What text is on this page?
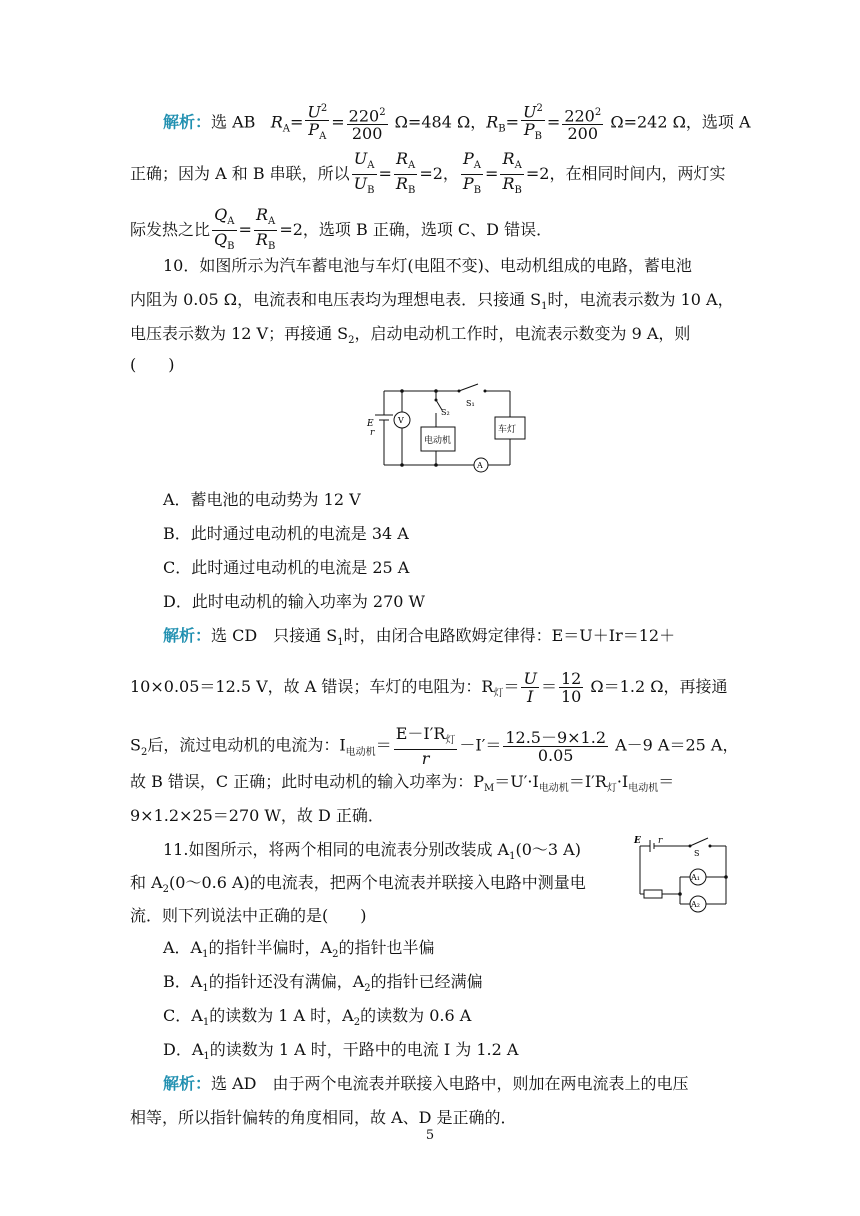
解析：选 AB $R_A= \frac{U^2}{P_A} = \frac{220^2}{200} \Omega=484$ Ω，$R_B= \frac{U^2}{P_B} = \frac{220^2}{200} \Omega=242$ Ω，选项 A
正确；因为 A 和 B 串联，所以 $\frac{U_A}{U_B} = \frac{R_A}{R_B} =2$， $\frac{P_A}{P_B} = \frac{R_A}{R_B} =2$，在相同时间内，两灯实
际发热之比 $\frac{Q_A}{Q_B} = \frac{R_A}{R_B} =2$，选项 B 正确，选项 C、D 错误．
10．如图所示为汽车蓄电池与车灯(电阻不变)、电动机组成的电路，蓄电池
内阻为 0.05 Ω，电流表和电压表均为理想电表．只接通 $S_1$时，电流表示数为 10 A，
电压表示数为 12 V；再接通 $S_2$，启动电动机工作时，电流表示数变为 9 A，则
(　　)
E
r
V
S₂
S₁
电动机
车灯
A
A．蓄电池的电动势为 12 V
B．此时通过电动机的电流是 34 A
C．此时通过电动机的电流是 25 A
D．此时电动机的输入功率为 270 W
解析：选 CD　只接通 $S_1$时，由闭合电路欧姆定律得：E＝U＋Ir＝12＋
10×0.05＝12.5 V，故 A 错误；车灯的电阻为：$R_灯= \frac{U}{I} = \frac{12}{10} \Omega=1.2$ Ω，再接通
$S_2$后，流过电动机的电流为：$I_{电动机}= \frac{E-I'R_灯}{r} -I'= \frac{12.5-9\times 1.2}{0.05} A-9$ A＝25 A，
故 B 错误，C 正确；此时电动机的输入功率为：$P_M=U'\cdot I_{电动机}=I'R_灯\cdot I_{电动机}=$
9×1.2×25＝270 W，故 D 正确．
11.如图所示，将两个相同的电流表分别改装成 $A_1(0\sim 3$ A)
和 $A_2(0\sim 0.6$ A)的电流表，把两个电流表并联接入电路中测量电
流．则下列说法中正确的是(　　)
E r
S
A₁
A₂
A．$A_1$的指针半偏时，$A_2$的指针也半偏
B．$A_1$的指针还没有满偏，$A_2$的指针已经满偏
C．$A_1$的读数为 1 A 时，$A_2$的读数为 0.6 A
D．$A_1$的读数为 1 A 时，干路中的电流 I 为 1.2 A
解析：选 AD　由于两个电流表并联接入电路中，则加在两电流表上的电压
相等，所以指针偏转的角度相同，故 A、D 是正确的．
5
